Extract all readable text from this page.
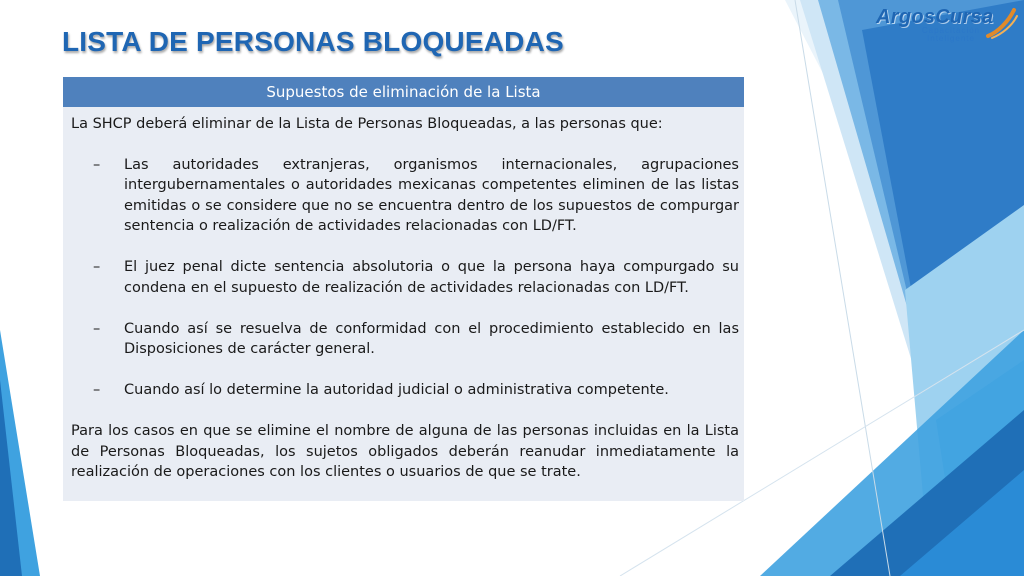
LISTA DE PERSONAS BLOQUEADAS
ArgosCursa
Capacitación Inteligente
Supuestos de eliminación de la Lista

La SHCP deberá eliminar de la Lista de Personas Bloqueadas, a las personas que:

– Las autoridades extranjeras, organismos internacionales, agrupaciones intergubernamentales o autoridades mexicanas competentes eliminen de las listas emitidas o se considere que no se encuentra dentro de los supuestos de compurgar sentencia o realización de actividades relacionadas con LD/FT.
– El juez penal dicte sentencia absolutoria o que la persona haya compurgado su condena en el supuesto de realización de actividades relacionadas con LD/FT.
– Cuando así se resuelva de conformidad con el procedimiento establecido en las Disposiciones de carácter general.
– Cuando así lo determine la autoridad judicial o administrativa competente.

Para los casos en que se elimine el nombre de alguna de las personas incluidas en la Lista de Personas Bloqueadas, los sujetos obligados deberán reanudar inmediatamente la realización de operaciones con los clientes o usuarios de que se trate.
